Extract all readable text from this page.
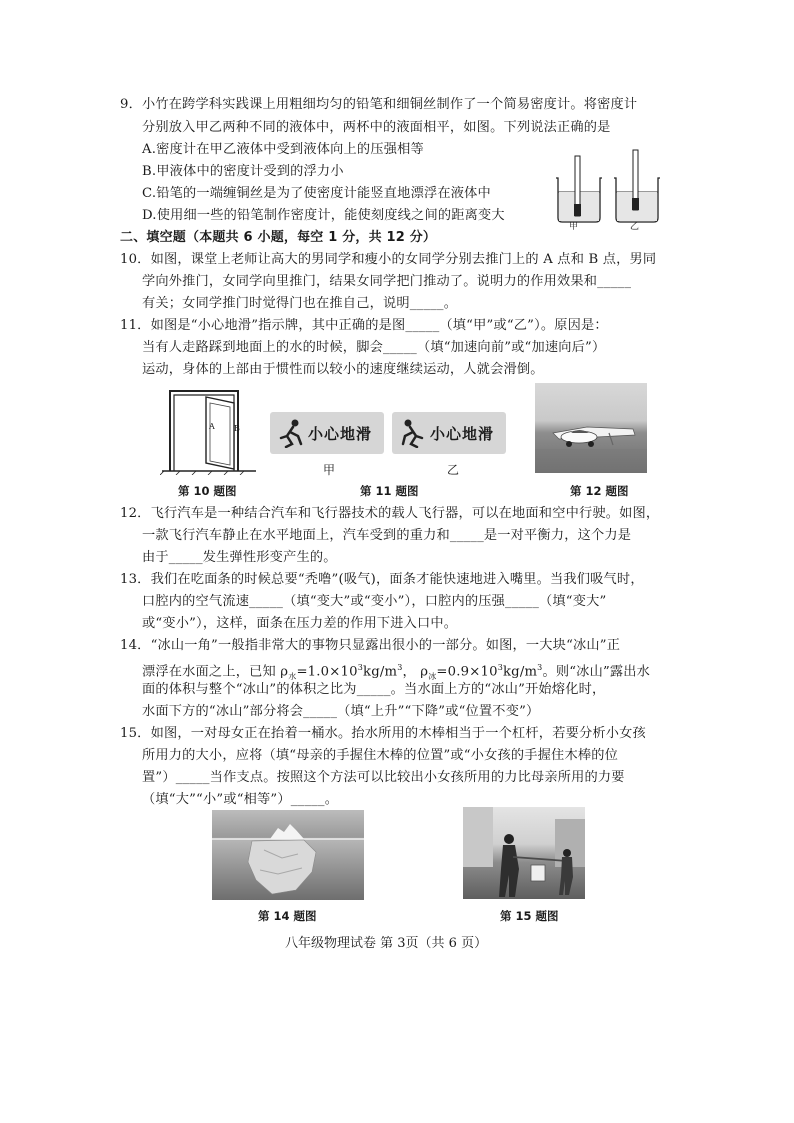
9．小竹在跨学科实践课上用粗细均匀的铅笔和细铜丝制作了一个简易密度计。将密度计
分别放入甲乙两种不同的液体中，两杯中的液面相平，如图。下列说法正确的是
A.密度计在甲乙液体中受到液体向上的压强相等
B.甲液体中的密度计受到的浮力小
C.铅笔的一端缠铜丝是为了使密度计能竖直地漂浮在液体中
D.使用细一些的铅笔制作密度计，能使刻度线之间的距离变大
甲	乙
二、填空题（本题共 6 小题，每空 1 分，共 12 分）
10．如图，课堂上老师让高大的男同学和瘦小的女同学分别去推门上的 A 点和 B 点，男同
学向外推门，女同学向里推门，结果女同学把门推动了。说明力的作用效果和_____
有关；女同学推门时觉得门也在推自己，说明_____。
11．如图是“小心地滑”指示牌，其中正确的是图_____（填“甲”或“乙”）。原因是：
当有人走路踩到地面上的水的时候，脚会_____（填“加速向前”或“加速向后”）
运动，身体的上部由于惯性而以较小的速度继续运动，人就会滑倒。
A B	小心地滑	小心地滑
甲	乙
第 10 题图	第 11 题图	第 12 题图
12．飞行汽车是一种结合汽车和飞行器技术的载人飞行器，可以在地面和空中行驶。如图，
一款飞行汽车静止在水平地面上，汽车受到的重力和_____是一对平衡力，这个力是
由于_____发生弹性形变产生的。
13．我们在吃面条的时候总要“秃噜”(吸气)，面条才能快速地进入嘴里。当我们吸气时，
口腔内的空气流速_____（填“变大”或“变小”），口腔内的压强_____（填“变大”
或“变小”），这样，面条在压力差的作用下进入口中。
14．“冰山一角”一般指非常大的事物只显露出很小的一部分。如图，一大块“冰山”正
漂浮在水面之上，已知 $\rho_水=1.0\times 10^3kg/m^3$， $\rho_冰=0.9\times 10^3kg/m^3$。则“冰山”露出水
面的体积与整个“冰山”的体积之比为_____。当水面上方的“冰山”开始熔化时，
水面下方的“冰山”部分将会_____（填“上升”“下降”或“位置不变”）
15．如图，一对母女正在抬着一桶水。抬水所用的木棒相当于一个杠杆，若要分析小女孩
所用力的大小，应将（填“母亲的手握住木棒的位置”或“小女孩的手握住木棒的位
置”）_____当作支点。按照这个方法可以比较出小女孩所用的力比母亲所用的力要
（填“大”“小”或“相等”）_____。
第 14 题图	第 15 题图
八年级物理试卷 第 3页（共 6 页）
